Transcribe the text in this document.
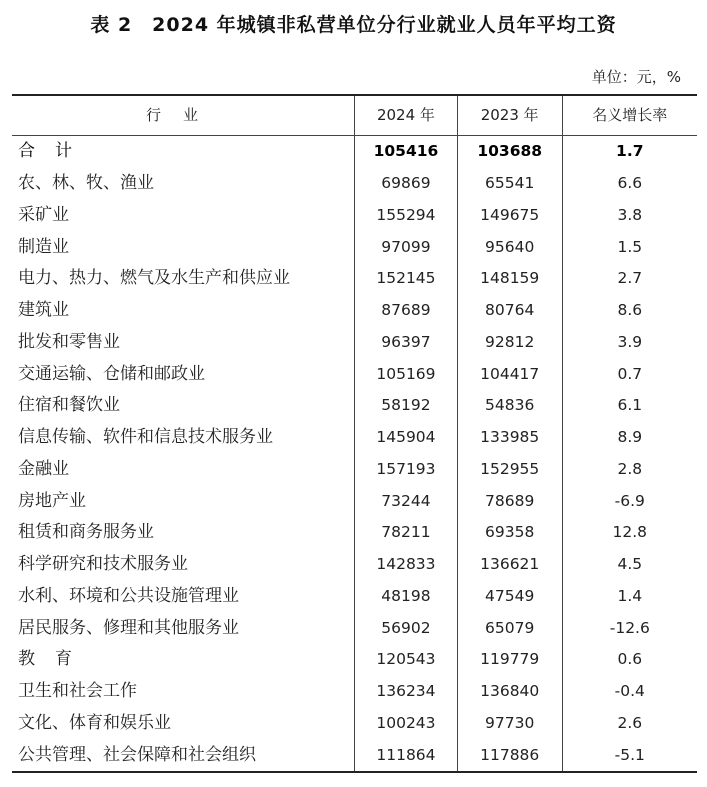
表 2　2024 年城镇非私营单位分行业就业人员年平均工资
单位：元，%
行业	2024 年	2023 年	名义增长率
合计	105416	103688	1.7
农、林、牧、渔业	69869	65541	6.6
采矿业	155294	149675	3.8
制造业	97099	95640	1.5
电力、热力、燃气及水生产和供应业	152145	148159	2.7
建筑业	87689	80764	8.6
批发和零售业	96397	92812	3.9
交通运输、仓储和邮政业	105169	104417	0.7
住宿和餐饮业	58192	54836	6.1
信息传输、软件和信息技术服务业	145904	133985	8.9
金融业	157193	152955	2.8
房地产业	73244	78689	-6.9
租赁和商务服务业	78211	69358	12.8
科学研究和技术服务业	142833	136621	4.5
水利、环境和公共设施管理业	48198	47549	1.4
居民服务、修理和其他服务业	56902	65079	-12.6
教育	120543	119779	0.6
卫生和社会工作	136234	136840	-0.4
文化、体育和娱乐业	100243	97730	2.6
公共管理、社会保障和社会组织	111864	117886	-5.1
